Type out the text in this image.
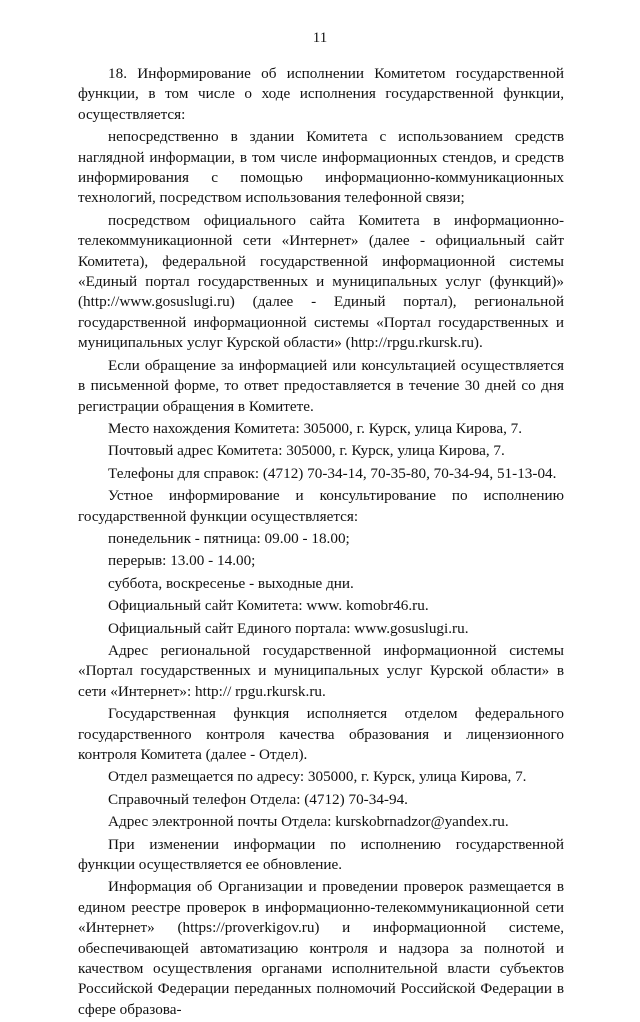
11

18. Информирование об исполнении Комитетом государственной функции, в том числе о ходе исполнения государственной функции, осуществляется:

непосредственно в здании Комитета с использованием средств наглядной информации, в том числе информационных стендов, и средств информирования с помощью информационно-коммуникационных технологий, посредством использования телефонной связи;

посредством официального сайта Комитета в информационно-телекоммуникационной сети «Интернет» (далее - официальный сайт Комитета), федеральной государственной информационной системы «Единый портал государственных и муниципальных услуг (функций)» (http://www.gosuslugi.ru) (далее - Единый портал), региональной государственной информационной системы «Портал государственных и муниципальных услуг Курской области» (http://rpgu.rkursk.ru).

Если обращение за информацией или консультацией осуществляется в письменной форме, то ответ предоставляется в течение 30 дней со дня регистрации обращения в Комитете.

Место нахождения Комитета: 305000, г. Курск, улица Кирова, 7.

Почтовый адрес Комитета: 305000, г. Курск, улица Кирова, 7.

Телефоны для справок: (4712) 70-34-14, 70-35-80, 70-34-94, 51-13-04.

Устное информирование и консультирование по исполнению государственной функции осуществляется:

понедельник - пятница: 09.00 - 18.00;

перерыв: 13.00 - 14.00;

суббота, воскресенье - выходные дни.

Официальный сайт Комитета: www. komobr46.ru.

Официальный сайт Единого портала: www.gosuslugi.ru.

Адрес региональной государственной информационной системы «Портал государственных и муниципальных услуг Курской области» в сети «Интернет»: http:// rpgu.rkursk.ru.

Государственная функция исполняется отделом федерального государственного контроля качества образования и лицензионного контроля Комитета (далее - Отдел).

Отдел размещается по адресу: 305000, г. Курск, улица Кирова, 7.

Справочный телефон Отдела: (4712) 70-34-94.

Адрес электронной почты Отдела: kurskobrnadzor@yandex.ru.

При изменении информации по исполнению государственной функции осуществляется ее обновление.

Информация об Организации и проведении проверок размещается в едином реестре проверок в информационно-телекоммуникационной сети «Интернет» (https://proverkigov.ru) и информационной системе, обеспечивающей автоматизацию контроля и надзора за полнотой и качеством осуществления органами исполнительной власти субъектов Российской Федерации переданных полномочий Российской Федерации в сфере образова-
